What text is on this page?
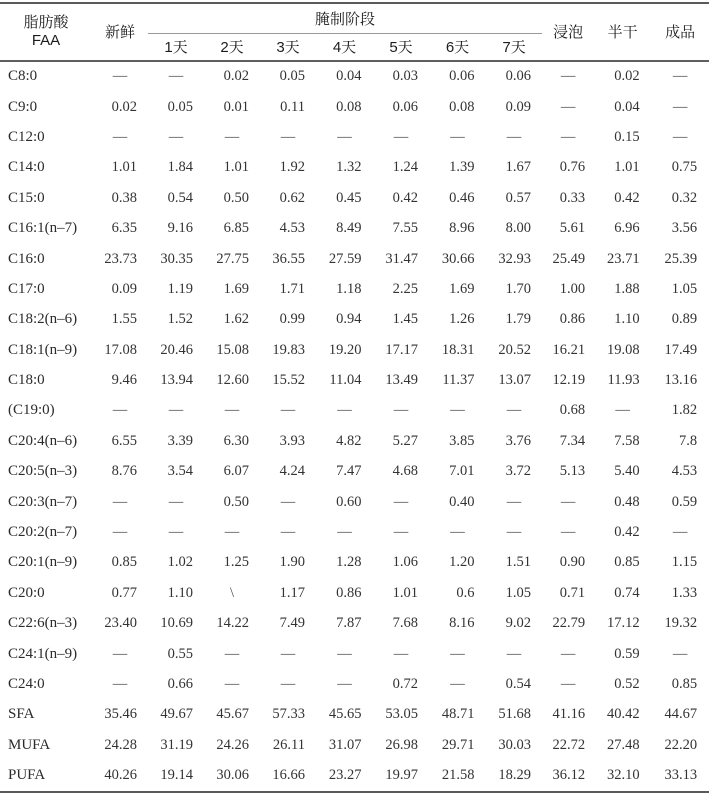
脂肪酸
FAA	新鲜	腌制阶段							浸泡	半干	成品
		1天	2天	3天	4天	5天	6天	7天			
C8:0	—	—	0.02	0.05	0.04	0.03	0.06	0.06	—	0.02	—
C9:0	0.02	0.05	0.01	0.11	0.08	0.06	0.08	0.09	—	0.04	—
C12:0	—	—	—	—	—	—	—	—	—	0.15	—
C14:0	1.01	1.84	1.01	1.92	1.32	1.24	1.39	1.67	0.76	1.01	0.75
C15:0	0.38	0.54	0.50	0.62	0.45	0.42	0.46	0.57	0.33	0.42	0.32
C16:1(n–7)	6.35	9.16	6.85	4.53	8.49	7.55	8.96	8.00	5.61	6.96	3.56
C16:0	23.73	30.35	27.75	36.55	27.59	31.47	30.66	32.93	25.49	23.71	25.39
C17:0	0.09	1.19	1.69	1.71	1.18	2.25	1.69	1.70	1.00	1.88	1.05
C18:2(n–6)	1.55	1.52	1.62	0.99	0.94	1.45	1.26	1.79	0.86	1.10	0.89
C18:1(n–9)	17.08	20.46	15.08	19.83	19.20	17.17	18.31	20.52	16.21	19.08	17.49
C18:0	9.46	13.94	12.60	15.52	11.04	13.49	11.37	13.07	12.19	11.93	13.16
(C19:0)	—	—	—	—	—	—	—	—	0.68	—	1.82
C20:4(n–6)	6.55	3.39	6.30	3.93	4.82	5.27	3.85	3.76	7.34	7.58	7.8
C20:5(n–3)	8.76	3.54	6.07	4.24	7.47	4.68	7.01	3.72	5.13	5.40	4.53
C20:3(n–7)	—	—	0.50	—	0.60	—	0.40	—	—	0.48	0.59
C20:2(n–7)	—	—	—	—	—	—	—	—	—	0.42	—
C20:1(n–9)	0.85	1.02	1.25	1.90	1.28	1.06	1.20	1.51	0.90	0.85	1.15
C20:0	0.77	1.10	\	1.17	0.86	1.01	0.6	1.05	0.71	0.74	1.33
C22:6(n–3)	23.40	10.69	14.22	7.49	7.87	7.68	8.16	9.02	22.79	17.12	19.32
C24:1(n–9)	—	0.55	—	—	—	—	—	—	—	0.59	—
C24:0	—	0.66	—	—	—	0.72	—	0.54	—	0.52	0.85
SFA	35.46	49.67	45.67	57.33	45.65	53.05	48.71	51.68	41.16	40.42	44.67
MUFA	24.28	31.19	24.26	26.11	31.07	26.98	29.71	30.03	22.72	27.48	22.20
PUFA	40.26	19.14	30.06	16.66	23.27	19.97	21.58	18.29	36.12	32.10	33.13
